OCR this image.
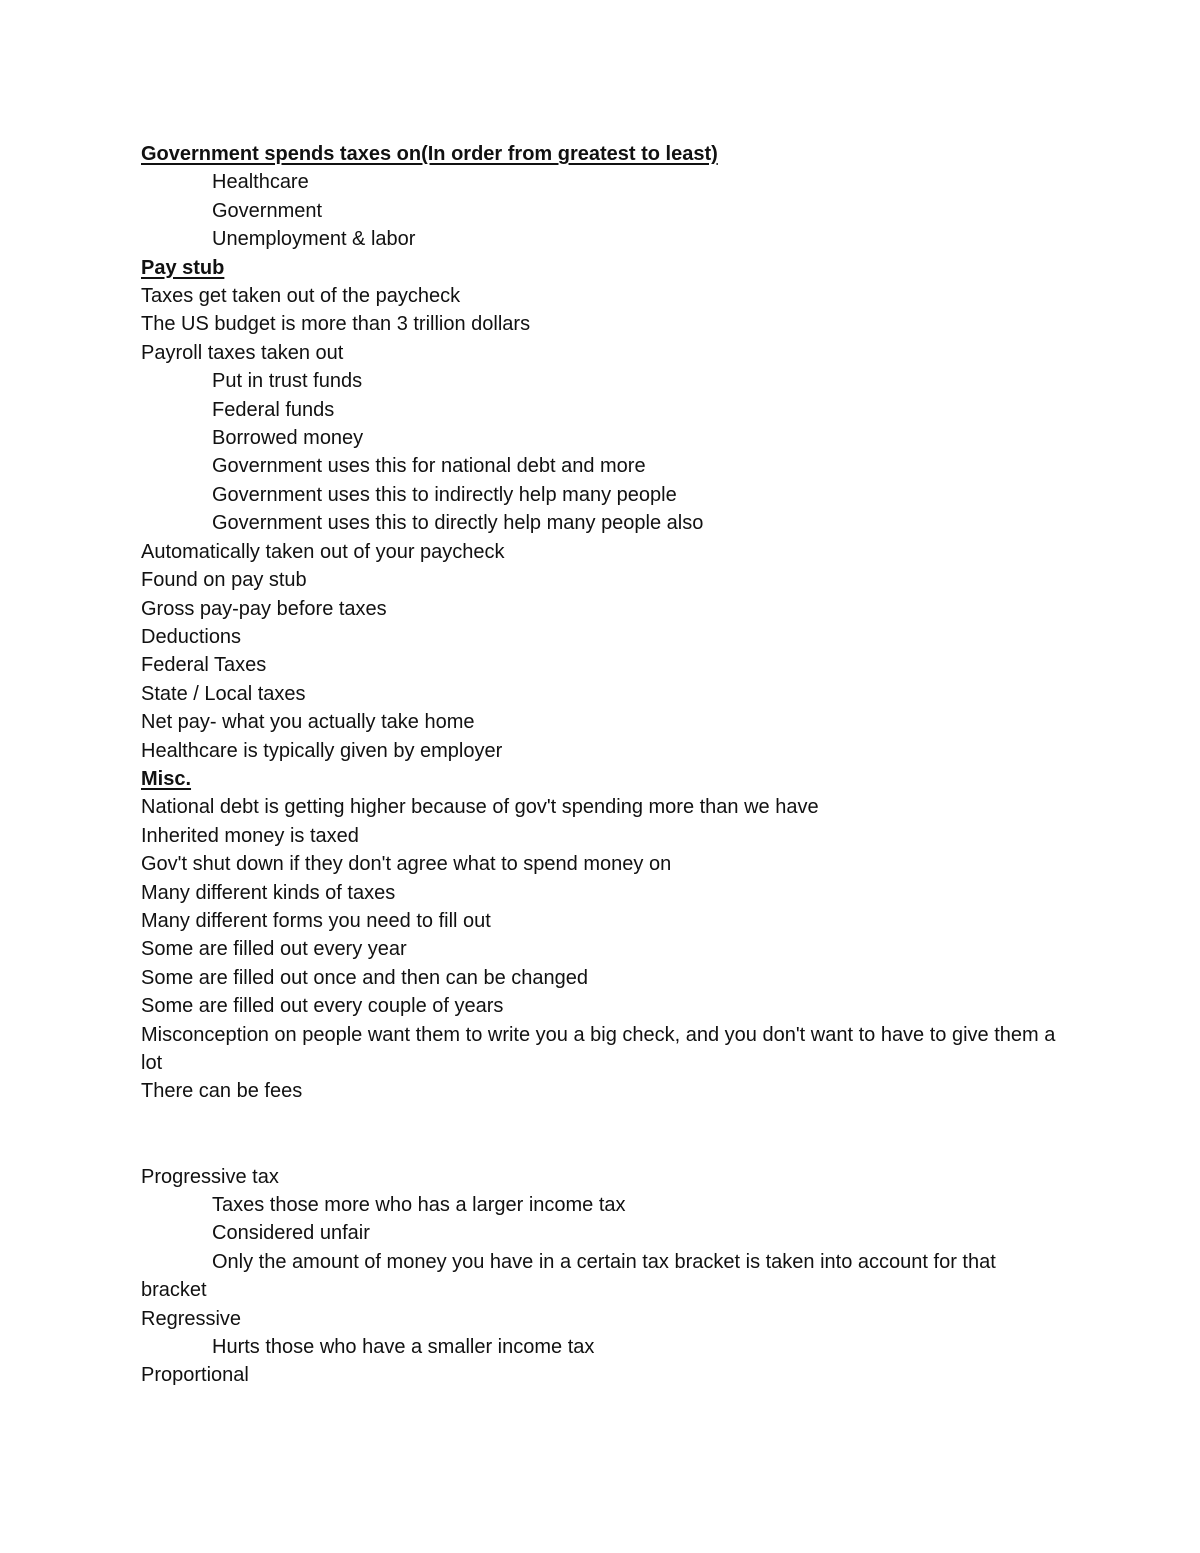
Government spends taxes on(In order from greatest to least)

Healthcare

Government

Unemployment & labor

Pay stub

Taxes get taken out of the paycheck

The US budget is more than 3 trillion dollars

Payroll taxes taken out

Put in trust funds

Federal funds

Borrowed money

Government uses this for national debt and more

Government uses this to indirectly help many people

Government uses this to directly help many people also

Automatically taken out of your paycheck

Found on pay stub

Gross pay-pay before taxes

Deductions

Federal Taxes

State / Local taxes

Net pay- what you actually take home

Healthcare is typically given by employer

Misc.

National debt is getting higher because of gov't spending more than we have

Inherited money is taxed

Gov't shut down if they don't agree what to spend money on

Many different kinds of taxes

Many different forms you need to fill out

Some are filled out every year

Some are filled out once and then can be changed

Some are filled out every couple of years

Misconception on people want them to write you a big check, and you don't want to have to give them a lot

There can be fees

Progressive tax

Taxes those more who has a larger income tax

Considered unfair

Only the amount of money you have in a certain tax bracket is taken into account for that bracket

Regressive

Hurts those who have a smaller income tax

Proportional
